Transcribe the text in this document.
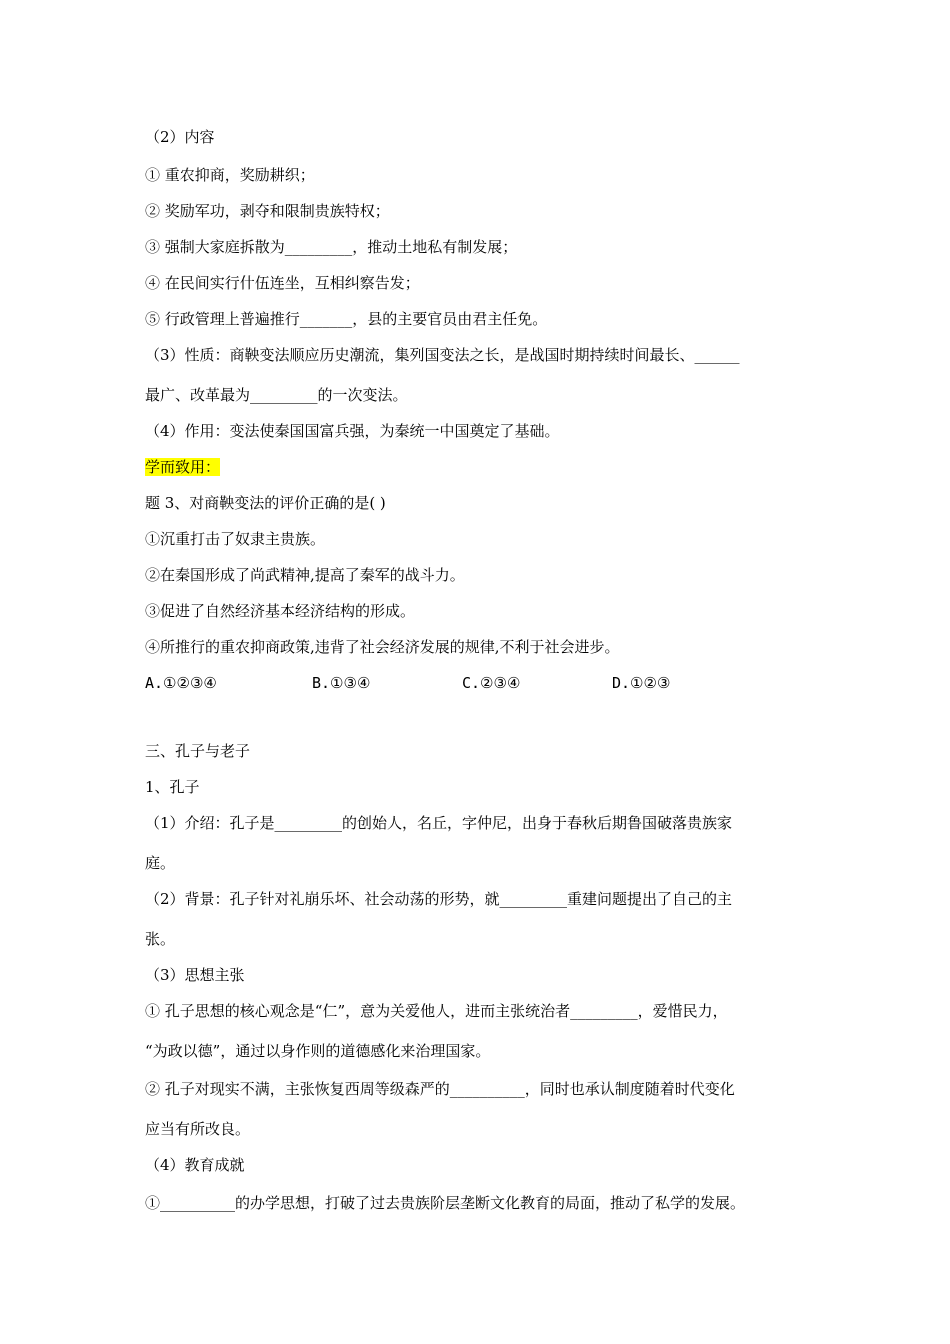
（2）内容
① 重农抑商，奖励耕织；
② 奖励军功，剥夺和限制贵族特权；
③ 强制大家庭拆散为_________，推动土地私有制发展；
④ 在民间实行什伍连坐，互相纠察告发；
⑤ 行政管理上普遍推行_______，县的主要官员由君主任免。
（3）性质：商鞅变法顺应历史潮流，集列国变法之长，是战国时期持续时间最长、______
最广、改革最为_________的一次变法。
（4）作用：变法使秦国国富兵强，为秦统一中国奠定了基础。
学而致用：
题 3、对商鞅变法的评价正确的是( )
①沉重打击了奴隶主贵族。
②在秦国形成了尚武精神,提高了秦军的战斗力。
③促进了自然经济基本经济结构的形成。
④所推行的重农抑商政策,违背了社会经济发展的规律,不利于社会进步。
A.①②③④	B.①③④	C.②③④	D.①②③
三、孔子与老子
1、孔子
（1）介绍：孔子是_________的创始人，名丘，字仲尼，出身于春秋后期鲁国破落贵族家
庭。
（2）背景：孔子针对礼崩乐坏、社会动荡的形势，就_________重建问题提出了自己的主
张。
（3）思想主张
① 孔子思想的核心观念是“仁”，意为关爱他人，进而主张统治者_________，爱惜民力，
“为政以德”，通过以身作则的道德感化来治理国家。
② 孔子对现实不满，主张恢复西周等级森严的__________，同时也承认制度随着时代变化
应当有所改良。
（4）教育成就
①__________的办学思想，打破了过去贵族阶层垄断文化教育的局面，推动了私学的发展。
